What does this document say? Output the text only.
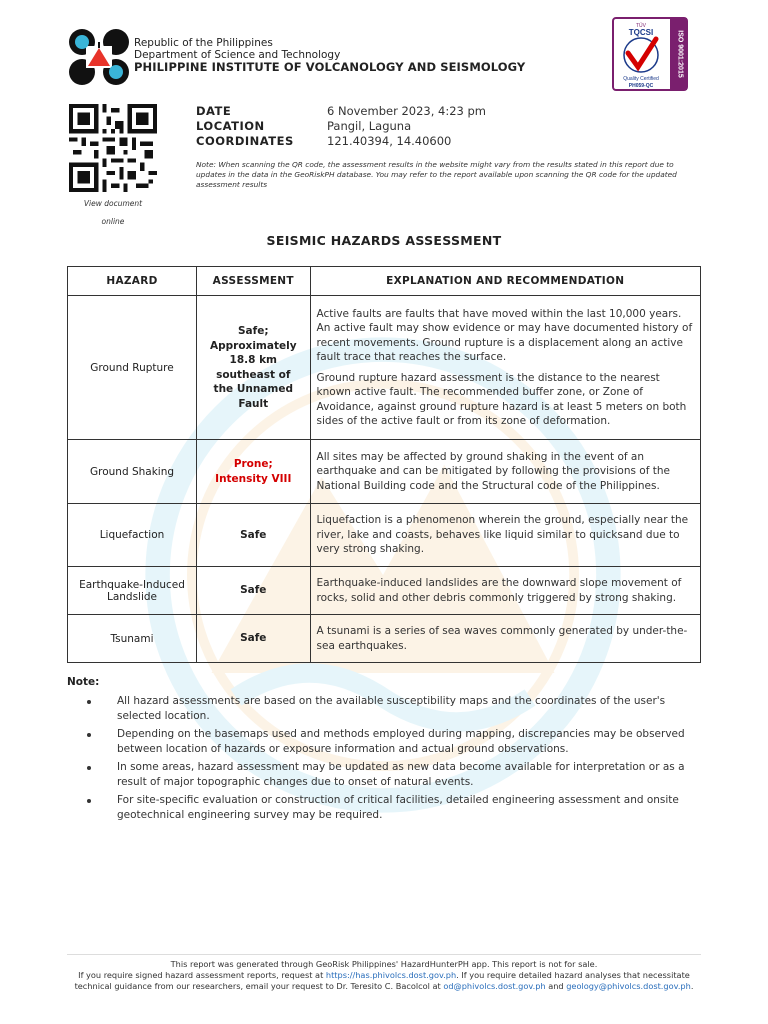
Republic of the Philippines
Department of Science and Technology
PHILIPPINE INSTITUTE OF VOLCANOLOGY AND SEISMOLOGY	ISO 9001:2015
TÜV
TQCSI
Quality Certified
PH059-QC
View document
online
DATE	6 November 2023, 4:23 pm
LOCATION	Pangil, Laguna
COORDINATES	121.40394, 14.40600
Note: When scanning the QR code, the assessment results in the website might vary from the results stated in this report due to updates in the data in the GeoRiskPH database. You may refer to the report available upon scanning the QR code for the updated assessment results
SEISMIC HAZARDS ASSESSMENT
HAZARD	ASSESSMENT	EXPLANATION AND RECOMMENDATION
Ground Rupture	Safe; Approximately 18.8 km southeast of the Unnamed Fault	Active faults are faults that have moved within the last 10,000 years. An active fault may show evidence or may have documented history of recent movements. Ground rupture is a displacement along an active fault trace that reaches the surface.

Ground rupture hazard assessment is the distance to the nearest known active fault. The recommended buffer zone, or Zone of Avoidance, against ground rupture hazard is at least 5 meters on both sides of the active fault or from its zone of deformation.

Ground Shaking	Prone; Intensity VIII	All sites may be affected by ground shaking in the event of an earthquake and can be mitigated by following the provisions of the National Building code and the Structural code of the Philippines.

Liquefaction	Safe	Liquefaction is a phenomenon wherein the ground, especially near the river, lake and coasts, behaves like liquid similar to quicksand due to very strong shaking.

Earthquake-Induced Landslide	Safe	Earthquake-induced landslides are the downward slope movement of rocks, solid and other debris commonly triggered by strong shaking.

Tsunami	Safe	A tsunami is a series of sea waves commonly generated by under-the-sea earthquakes.

Note:
All hazard assessments are based on the available susceptibility maps and the coordinates of the user's selected location.
Depending on the basemaps used and methods employed during mapping, discrepancies may be observed between location of hazards or exposure information and actual ground observations.
In some areas, hazard assessment may be updated as new data become available for interpretation or as a result of major topographic changes due to onset of natural events.
For site-specific evaluation or construction of critical facilities, detailed engineering assessment and onsite geotechnical engineering survey may be required.
This report was generated through GeoRisk Philippines' HazardHunterPH app. This report is not for sale.
If you require signed hazard assessment reports, request at https://has.phivolcs.dost.gov.ph. If you require detailed hazard analyses that necessitate technical guidance from our researchers, email your request to Dr. Teresito C. Bacolcol at od@phivolcs.dost.gov.ph and geology@phivolcs.dost.gov.ph.
